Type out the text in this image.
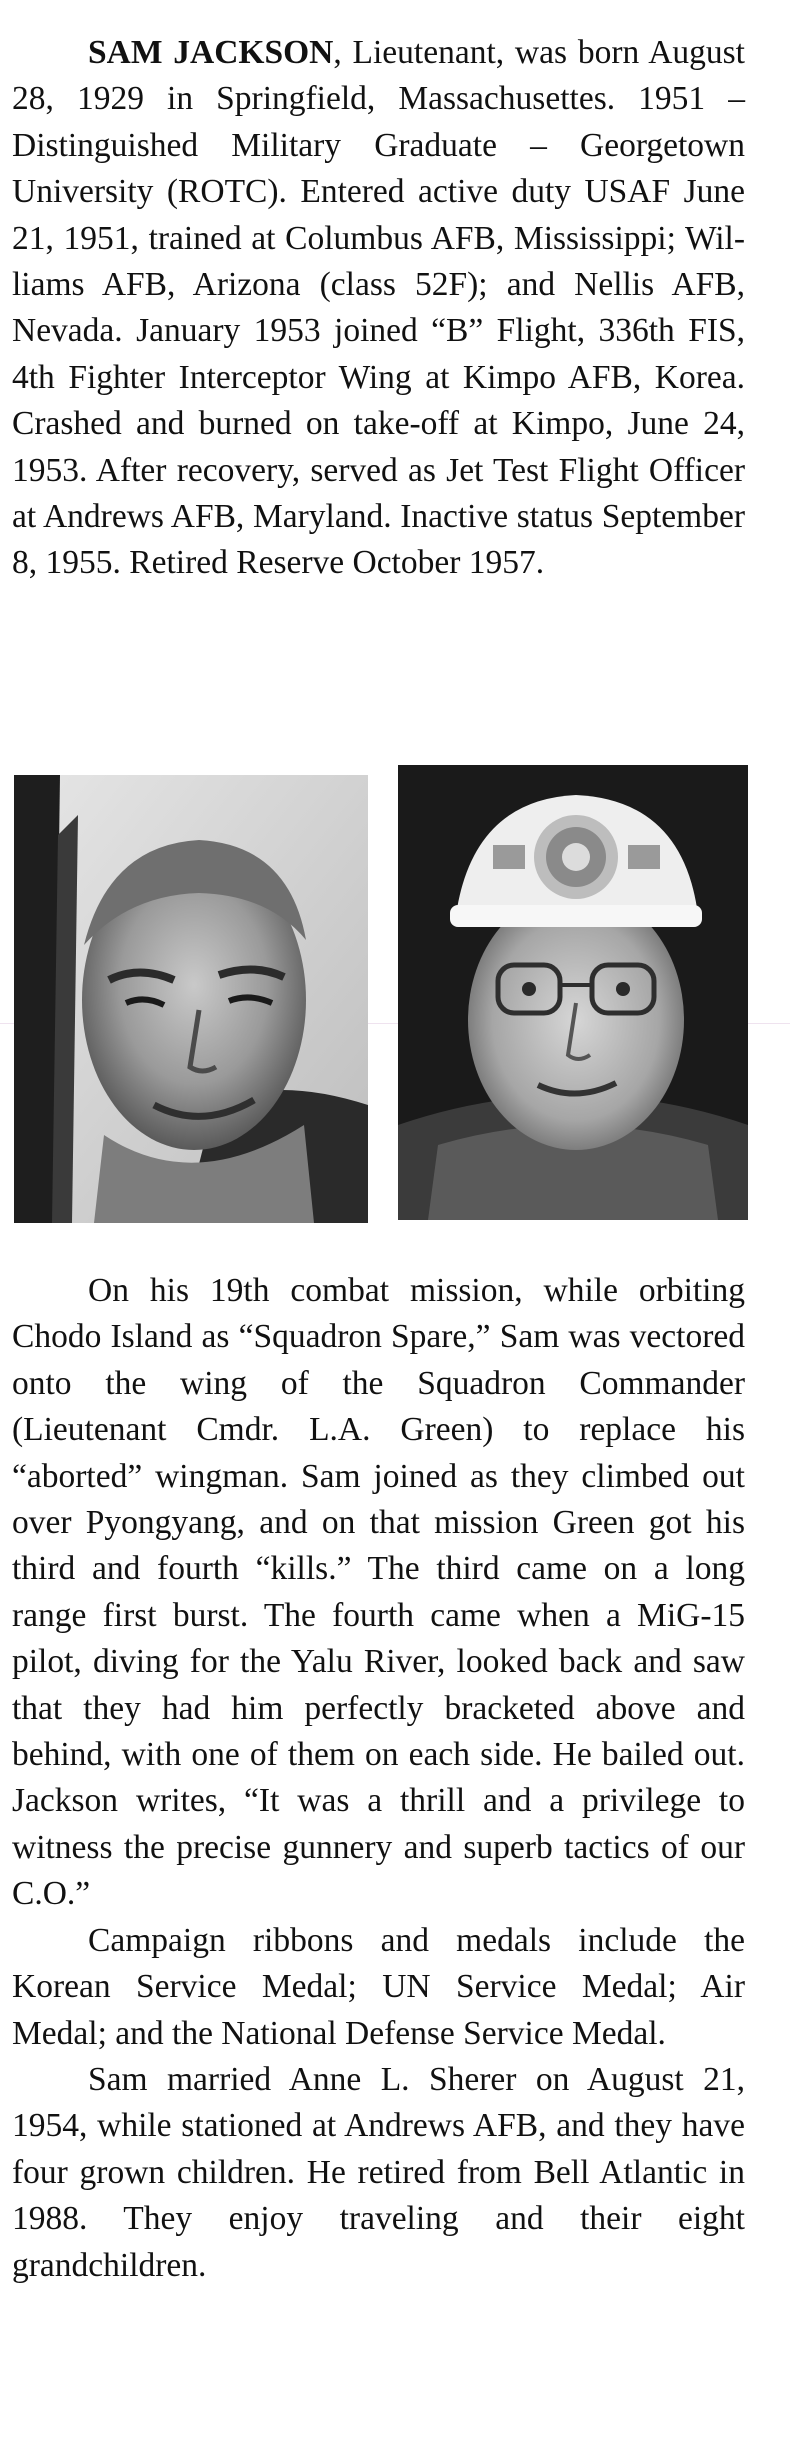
SAM JACKSON, Lieutenant, was born August 28, 1929 in Springfield, Massachusettes. 1951 – Distinguished Military Graduate – Georgetown University (ROTC). Entered active duty USAF June 21, 1951, trained at Columbus AFB, Mississippi; Williams AFB, Arizona (class 52F); and Nellis AFB, Nevada. January 1953 joined “B” Flight, 336th FIS, 4th Fighter Interceptor Wing at Kimpo AFB, Korea. Crashed and burned on take-off at Kimpo, June 24, 1953. After recovery, served as Jet Test Flight Officer at Andrews AFB, Maryland. Inactive status September 8, 1955. Retired Reserve October 1957.

On his 19th combat mission, while orbiting Chodo Island as “Squadron Spare,” Sam was vectored onto the wing of the Squadron Commander (Lieutenant Cmdr. L.A. Green) to replace his “aborted” wingman. Sam joined as they climbed out over Pyongyang, and on that mission Green got his third and fourth “kills.” The third came on a long range first burst. The fourth came when a MiG-15 pilot, diving for the Yalu River, looked back and saw that they had him perfectly bracketed above and behind, with one of them on each side. He bailed out. Jackson writes, “It was a thrill and a privilege to witness the precise gunnery and superb tactics of our C.O.”

Campaign ribbons and medals include the Korean Service Medal; UN Service Medal; Air Medal; and the National Defense Service Medal.

Sam married Anne L. Sherer on August 21, 1954, while stationed at Andrews AFB, and they have four grown children. He retired from Bell Atlantic in 1988. They enjoy traveling and their eight grandchildren.
